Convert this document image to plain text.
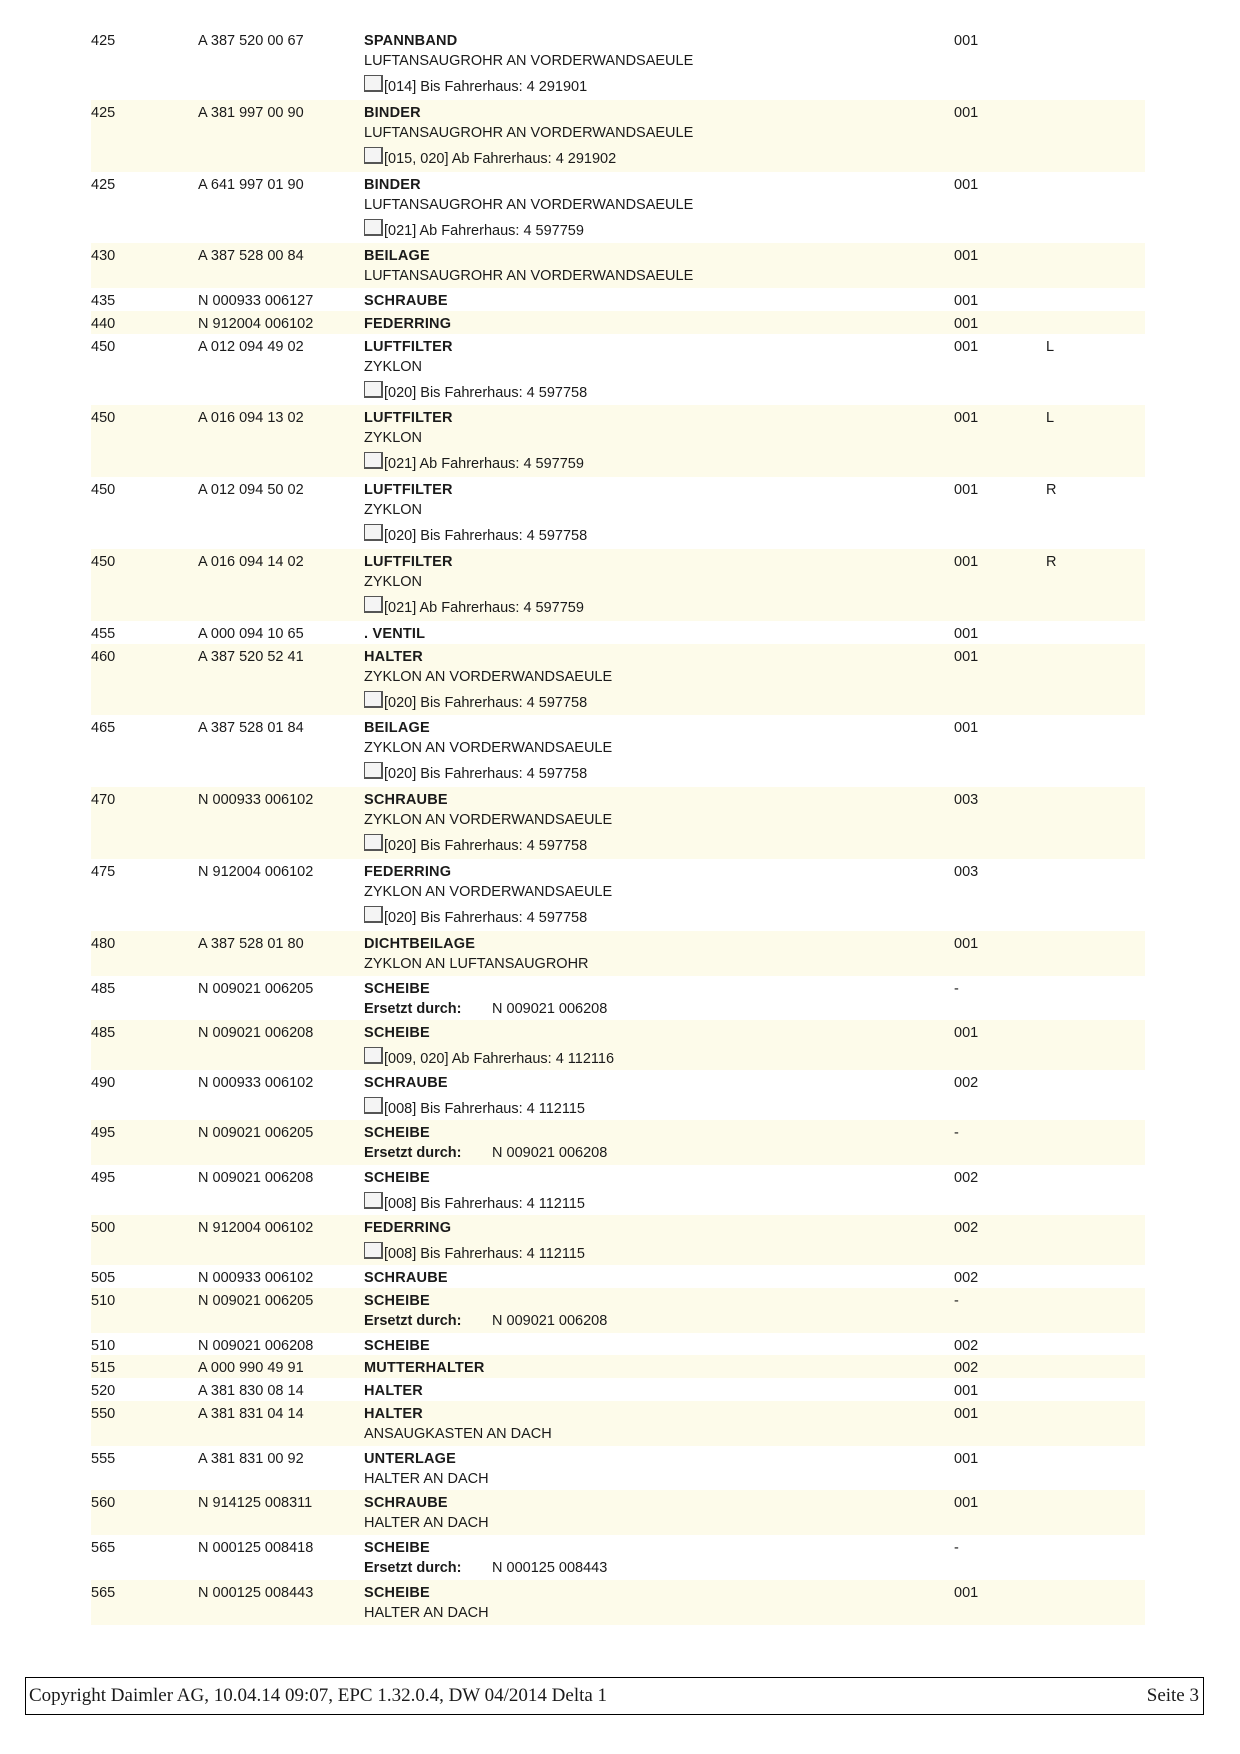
425	A 387 520 00 67	SPANNBAND
LUFTANSAUGROHR AN VORDERWANDSAEULE
[014] Bis Fahrerhaus: 4 291901
001
425	A 381 997 00 90	BINDER
LUFTANSAUGROHR AN VORDERWANDSAEULE
[015, 020] Ab Fahrerhaus: 4 291902
001
425	A 641 997 01 90	BINDER
LUFTANSAUGROHR AN VORDERWANDSAEULE
[021] Ab Fahrerhaus: 4 597759
001
430	A 387 528 00 84	BEILAGE
LUFTANSAUGROHR AN VORDERWANDSAEULE
001
435	N 000933 006127	SCHRAUBE	001
440	N 912004 006102	FEDERRING	001
450	A 012 094 49 02	LUFTFILTER
ZYKLON
[020] Bis Fahrerhaus: 4 597758
001	L
450	A 016 094 13 02	LUFTFILTER
ZYKLON
[021] Ab Fahrerhaus: 4 597759
001	L
450	A 012 094 50 02	LUFTFILTER
ZYKLON
[020] Bis Fahrerhaus: 4 597758
001	R
450	A 016 094 14 02	LUFTFILTER
ZYKLON
[021] Ab Fahrerhaus: 4 597759
001	R
455	A 000 094 10 65	. VENTIL	001
460	A 387 520 52 41	HALTER
ZYKLON AN VORDERWANDSAEULE
[020] Bis Fahrerhaus: 4 597758
001
465	A 387 528 01 84	BEILAGE
ZYKLON AN VORDERWANDSAEULE
[020] Bis Fahrerhaus: 4 597758
001
470	N 000933 006102	SCHRAUBE
ZYKLON AN VORDERWANDSAEULE
[020] Bis Fahrerhaus: 4 597758
003
475	N 912004 006102	FEDERRING
ZYKLON AN VORDERWANDSAEULE
[020] Bis Fahrerhaus: 4 597758
003
480	A 387 528 01 80	DICHTBEILAGE
ZYKLON AN LUFTANSAUGROHR
001
485	N 009021 006205	SCHEIBE
Ersetzt durch: N 009021 006208
-
485	N 009021 006208	SCHEIBE
[009, 020] Ab Fahrerhaus: 4 112116
001
490	N 000933 006102	SCHRAUBE
[008] Bis Fahrerhaus: 4 112115
002
495	N 009021 006205	SCHEIBE
Ersetzt durch: N 009021 006208
-
495	N 009021 006208	SCHEIBE
[008] Bis Fahrerhaus: 4 112115
002
500	N 912004 006102	FEDERRING
[008] Bis Fahrerhaus: 4 112115
002
505	N 000933 006102	SCHRAUBE	002
510	N 009021 006205	SCHEIBE
Ersetzt durch: N 009021 006208
-
510	N 009021 006208	SCHEIBE	002
515	A 000 990 49 91	MUTTERHALTER	002
520	A 381 830 08 14	HALTER	001
550	A 381 831 04 14	HALTER
ANSAUGKASTEN AN DACH
001
555	A 381 831 00 92	UNTERLAGE
HALTER AN DACH
001
560	N 914125 008311	SCHRAUBE
HALTER AN DACH
001
565	N 000125 008418	SCHEIBE
Ersetzt durch: N 000125 008443
-
565	N 000125 008443	SCHEIBE
HALTER AN DACH
001
Copyright Daimler AG, 10.04.14 09:07, EPC 1.32.0.4, DW 04/2014 Delta 1	Seite 3
